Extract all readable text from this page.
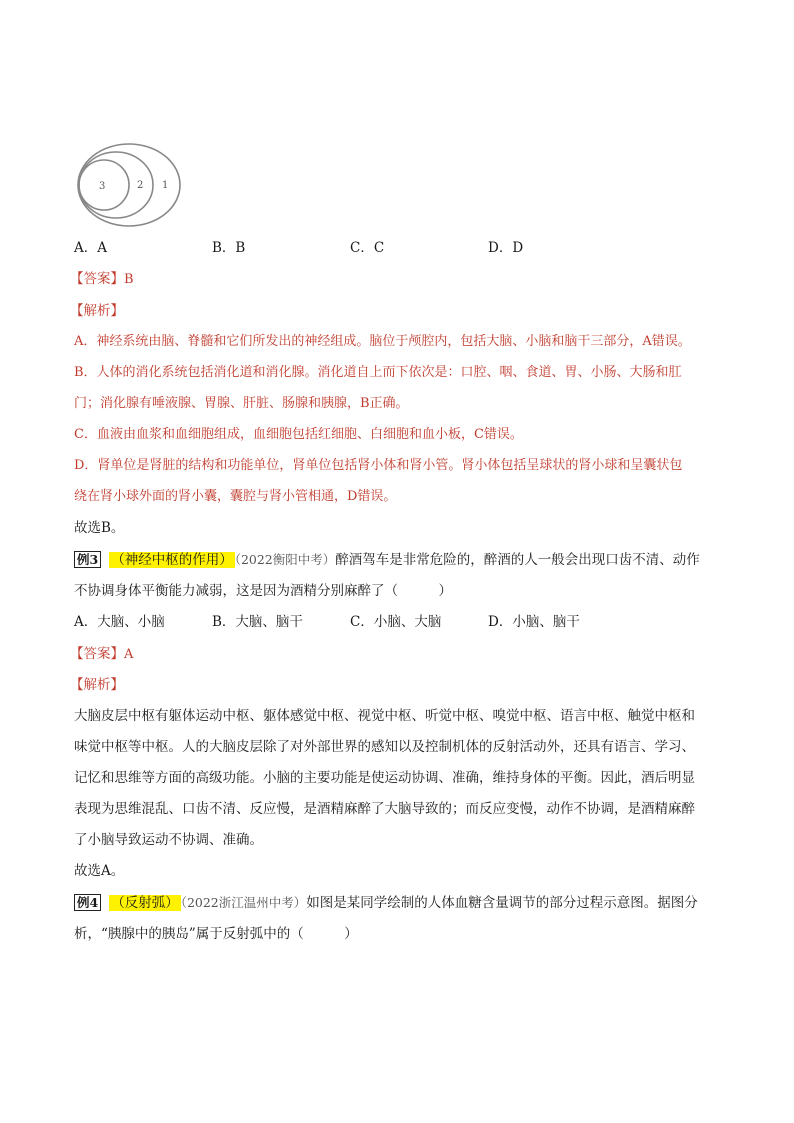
3	2 1
A．A	B．B	C．C	D．D
【答案】B
【解析】
A．神经系统由脑、脊髓和它们所发出的神经组成。脑位于颅腔内，包括大脑、小脑和脑干三部分，A错误。
B．人体的消化系统包括消化道和消化腺。消化道自上而下依次是：口腔、咽、食道、胃、小肠、大肠和肛
门；消化腺有唾液腺、胃腺、肝脏、肠腺和胰腺，B正确。
C．血液由血浆和血细胞组成，血细胞包括红细胞、白细胞和血小板，C错误。
D．肾单位是肾脏的结构和功能单位，肾单位包括肾小体和肾小管。肾小体包括呈球状的肾小球和呈囊状包
绕在肾小球外面的肾小囊，囊腔与肾小管相通，D错误。
故选B。
例3 （神经中枢的作用） （2022衡阳中考）醉酒驾车是非常危险的，醉酒的人一般会出现口齿不清、动作
不协调身体平衡能力减弱，这是因为酒精分别麻醉了（　　　）
A．大脑、小脑	B．大脑、脑干	C．小脑、大脑	D．小脑、脑干
【答案】A
【解析】
大脑皮层中枢有躯体运动中枢、躯体感觉中枢、视觉中枢、听觉中枢、嗅觉中枢、语言中枢、触觉中枢和
味觉中枢等中枢。人的大脑皮层除了对外部世界的感知以及控制机体的反射活动外，还具有语言、学习、
记忆和思维等方面的高级功能。小脑的主要功能是使运动协调、准确，维持身体的平衡。因此，酒后明显
表现为思维混乱、口齿不清、反应慢，是酒精麻醉了大脑导致的；而反应变慢，动作不协调，是酒精麻醉
了小脑导致运动不协调、准确。
故选A。
例4 （反射弧） （2022浙江温州中考）如图是某同学绘制的人体血糖含量调节的部分过程示意图。据图分
析，“胰腺中的胰岛”属于反射弧中的（　　　）
